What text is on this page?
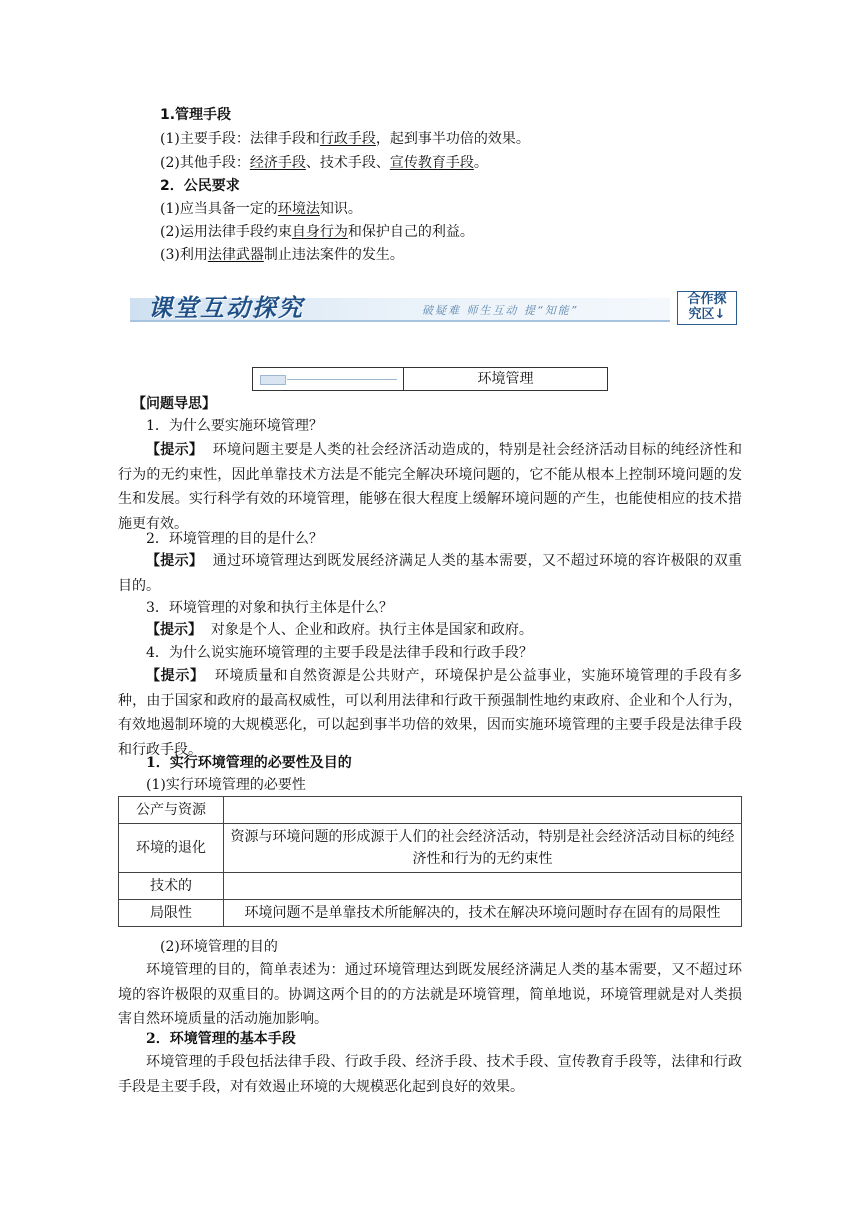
1.管理手段
(1)主要手段：法律手段和行政手段，起到事半功倍的效果。
(2)其他手段：经济手段、技术手段、宣传教育手段。
2．公民要求
(1)应当具备一定的环境法知识。
(2)运用法律手段约束自身行为和保护自己的利益。
(3)利用法律武器制止违法案件的发生。
课堂互动探究	破疑难 师生互动 提“知能”
合作探
究区↓
环境管理
【问题导思】
1．为什么要实施环境管理？
【提示】 环境问题主要是人类的社会经济活动造成的，特别是社会经济活动目标的纯经济性和行为的无约束性，因此单靠技术方法是不能完全解决环境问题的，它不能从根本上控制环境问题的发生和发展。实行科学有效的环境管理，能够在很大程度上缓解环境问题的产生，也能使相应的技术措施更有效。
2．环境管理的目的是什么？
【提示】 通过环境管理达到既发展经济满足人类的基本需要，又不超过环境的容许极限的双重目的。
3．环境管理的对象和执行主体是什么？
【提示】 对象是个人、企业和政府。执行主体是国家和政府。
4．为什么说实施环境管理的主要手段是法律手段和行政手段？
【提示】 环境质量和自然资源是公共财产，环境保护是公益事业，实施环境管理的手段有多种，由于国家和政府的最高权威性，可以利用法律和行政干预强制性地约束政府、企业和个人行为，有效地遏制环境的大规模恶化，可以起到事半功倍的效果，因而实施环境管理的主要手段是法律手段和行政手段。
1．实行环境管理的必要性及目的
(1)实行环境管理的必要性
公产与资源	
环境的退化	资源与环境问题的形成源于人们的社会经济活动，特别是社会经济活动目标的纯经济性和行为的无约束性
技术的	
局限性	环境问题不是单靠技术所能解决的，技术在解决环境问题时存在固有的局限性
(2)环境管理的目的
环境管理的目的，简单表述为：通过环境管理达到既发展经济满足人类的基本需要，又不超过环境的容许极限的双重目的。协调这两个目的的方法就是环境管理，简单地说，环境管理就是对人类损害自然环境质量的活动施加影响。
2．环境管理的基本手段
环境管理的手段包括法律手段、行政手段、经济手段、技术手段、宣传教育手段等，法律和行政手段是主要手段，对有效遏止环境的大规模恶化起到良好的效果。
